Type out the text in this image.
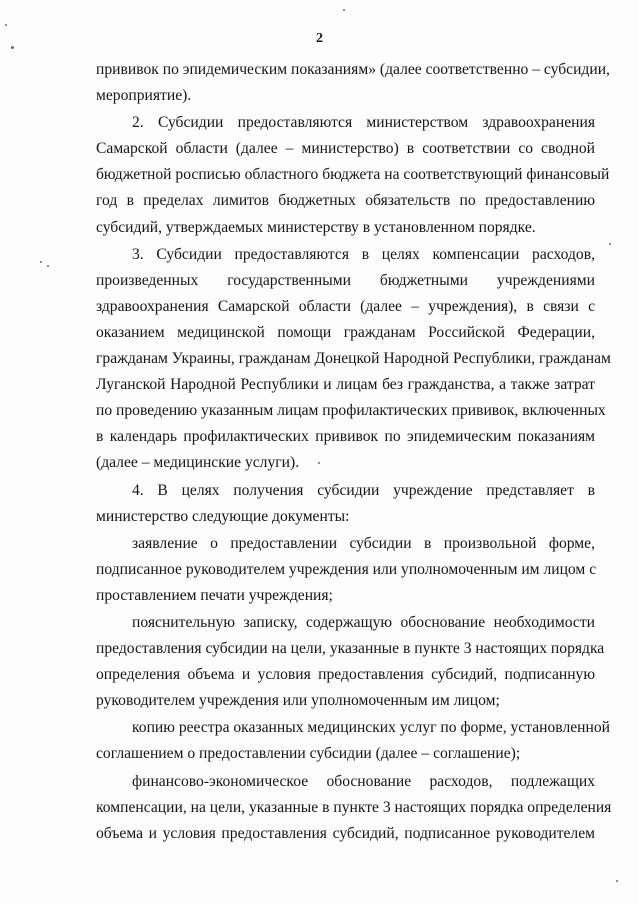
2
прививок по эпидемическим показаниям» (далее соответственно – субсидии,
мероприятие).
2. Субсидии предоставляются министерством здравоохранения
Самарской области (далее – министерство) в соответствии со сводной
бюджетной росписью областного бюджета на соответствующий финансовый
год в пределах лимитов бюджетных обязательств по предоставлению
субсидий, утверждаемых министерству в установленном порядке.
3. Субсидии предоставляются в целях компенсации расходов,
произведенных государственными бюджетными учреждениями
здравоохранения Самарской области (далее – учреждения), в связи с
оказанием медицинской помощи гражданам Российской Федерации,
гражданам Украины, гражданам Донецкой Народной Республики, гражданам
Луганской Народной Республики и лицам без гражданства, а также затрат
по проведению указанным лицам профилактических прививок, включенных
в календарь профилактических прививок по эпидемическим показаниям
(далее – медицинские услуги).
4. В целях получения субсидии учреждение представляет в
министерство следующие документы:
заявление о предоставлении субсидии в произвольной форме,
подписанное руководителем учреждения или уполномоченным им лицом с
проставлением печати учреждения;
пояснительную записку, содержащую обоснование необходимости
предоставления субсидии на цели, указанные в пункте 3 настоящих порядка
определения объема и условия предоставления субсидий, подписанную
руководителем учреждения или уполномоченным им лицом;
копию реестра оказанных медицинских услуг по форме, установленной
соглашением о предоставлении субсидии (далее – соглашение);
финансово-экономическое обоснование расходов, подлежащих
компенсации, на цели, указанные в пункте 3 настоящих порядка определения
объема и условия предоставления субсидий, подписанное руководителем
